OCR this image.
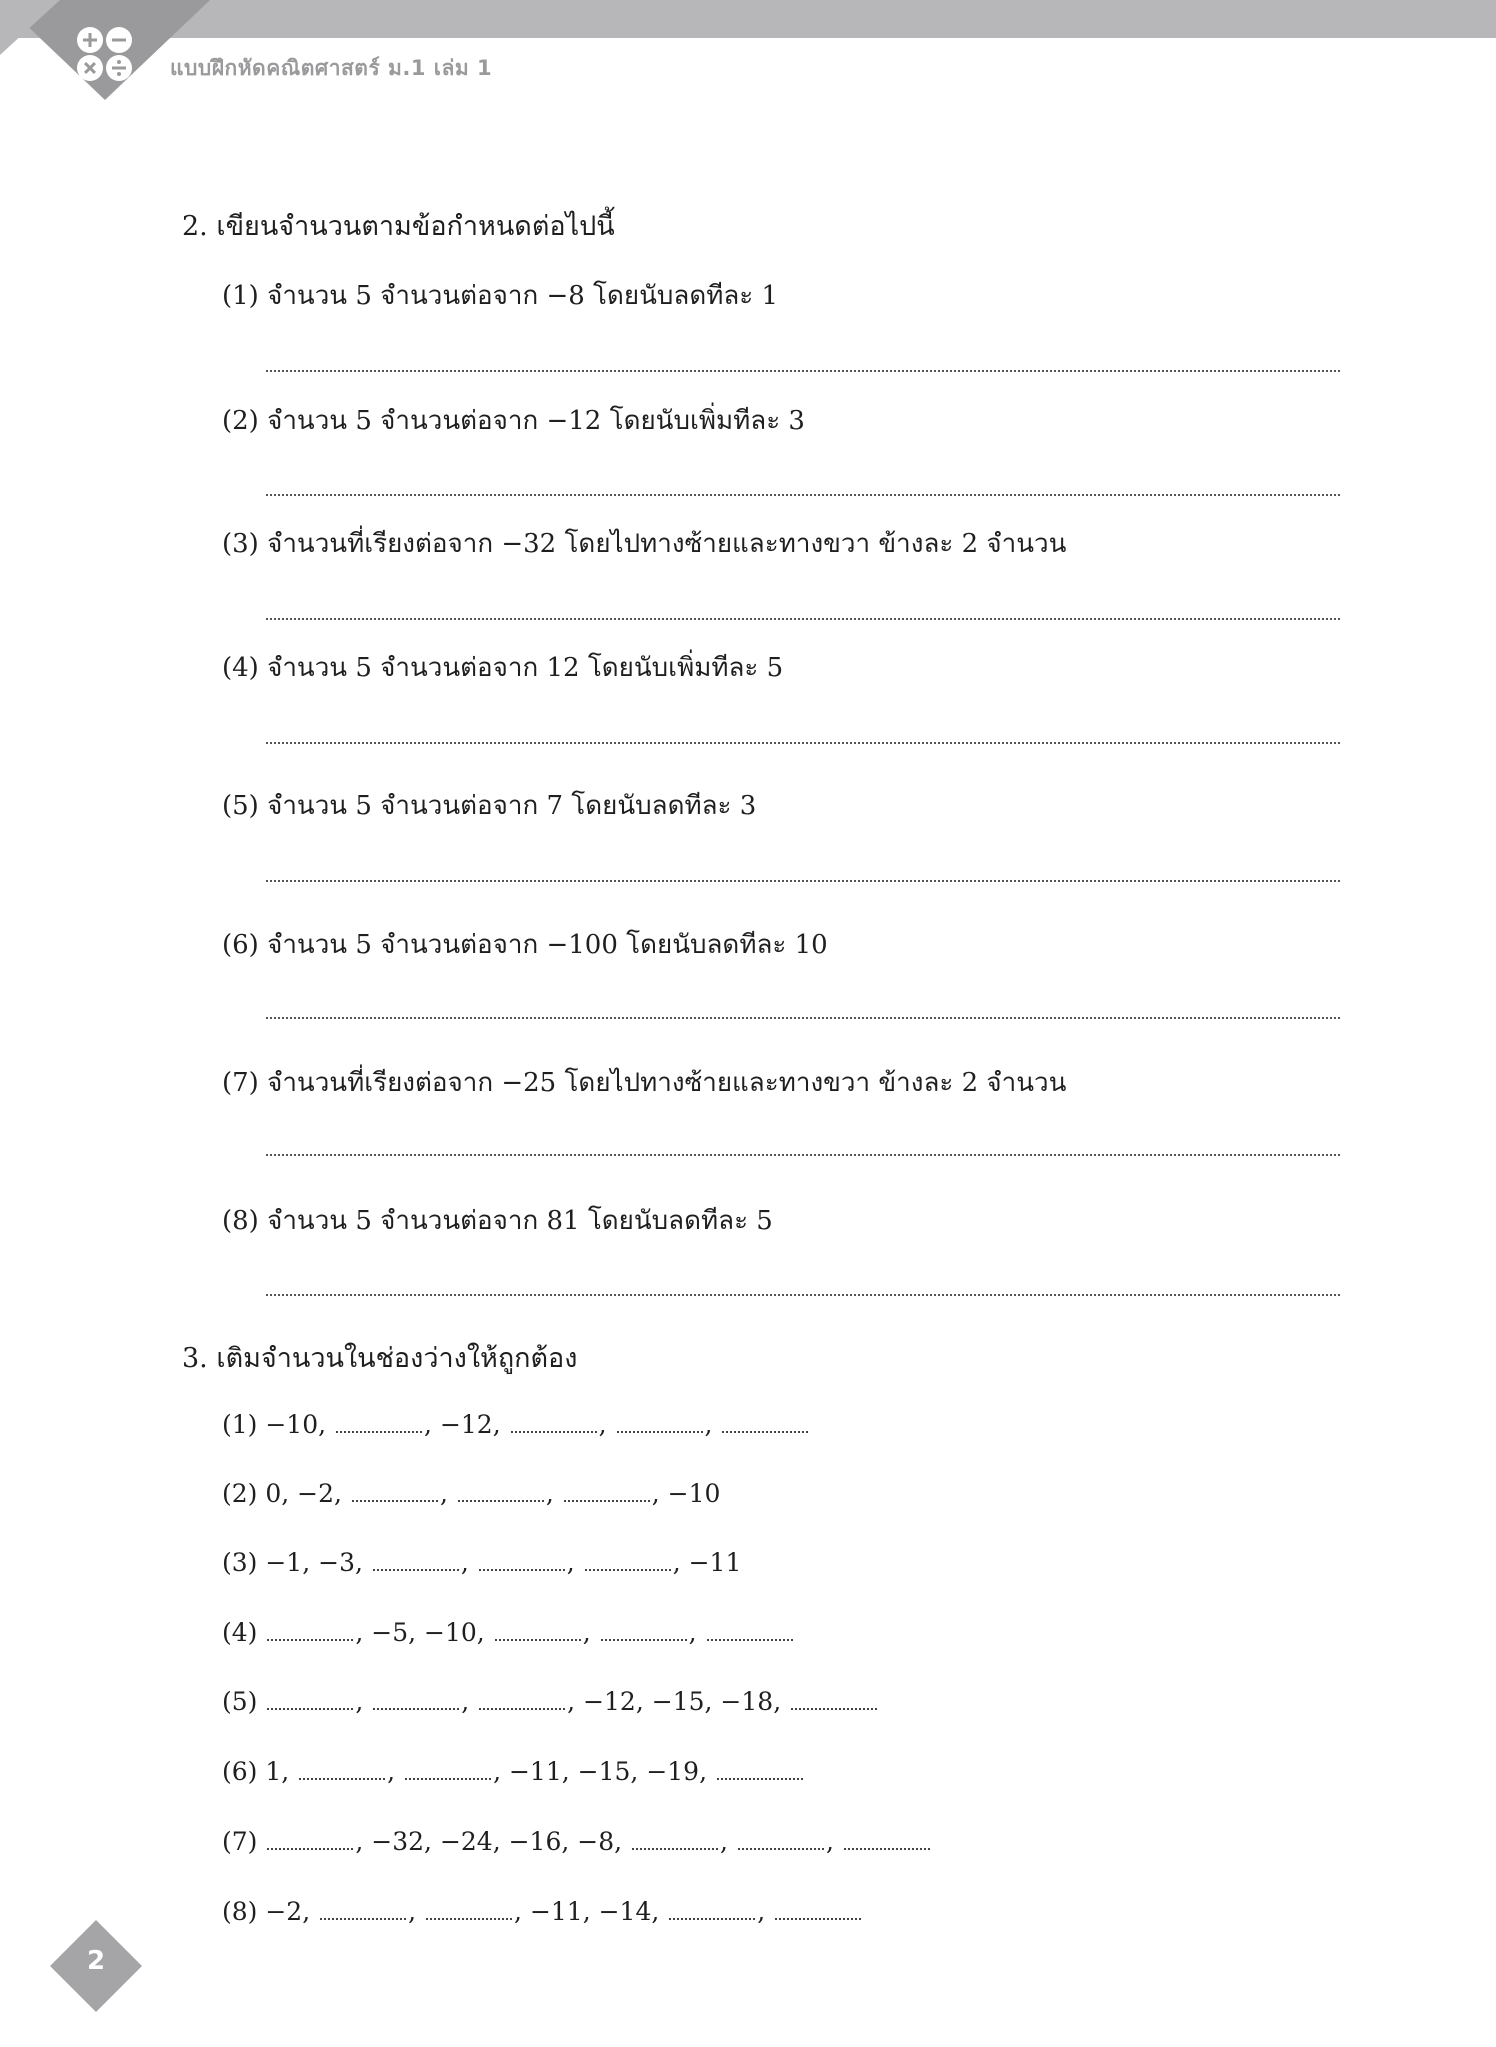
แบบฝึกหัดคณิตศาสตร์ ม.1 เล่ม 1
2. เขียนจำนวนตามข้อกำหนดต่อไปนี้
(1) จำนวน 5 จำนวนต่อจาก −8 โดยนับลดทีละ 1
(2) จำนวน 5 จำนวนต่อจาก −12 โดยนับเพิ่มทีละ 3
(3) จำนวนที่เรียงต่อจาก −32 โดยไปทางซ้ายและทางขวา ข้างละ 2 จำนวน
(4) จำนวน 5 จำนวนต่อจาก 12 โดยนับเพิ่มทีละ 5
(5) จำนวน 5 จำนวนต่อจาก 7 โดยนับลดทีละ 3
(6) จำนวน 5 จำนวนต่อจาก −100 โดยนับลดทีละ 10
(7) จำนวนที่เรียงต่อจาก −25 โดยไปทางซ้ายและทางขวา ข้างละ 2 จำนวน
(8) จำนวน 5 จำนวนต่อจาก 81 โดยนับลดทีละ 5
3. เติมจำนวนในช่องว่างให้ถูกต้อง
(1) −10,	, −12,	,	,
(2) 0, −2,	,	,	, −10
(3) −1, −3,	,	,	, −11
(4)	, −5, −10,	,	,
(5)	,	,	, −12, −15, −18,
(6) 1,	,	, −11, −15, −19,
(7)	, −32, −24, −16, −8,	,	,
(8) −2,	,	, −11, −14,	,
2
